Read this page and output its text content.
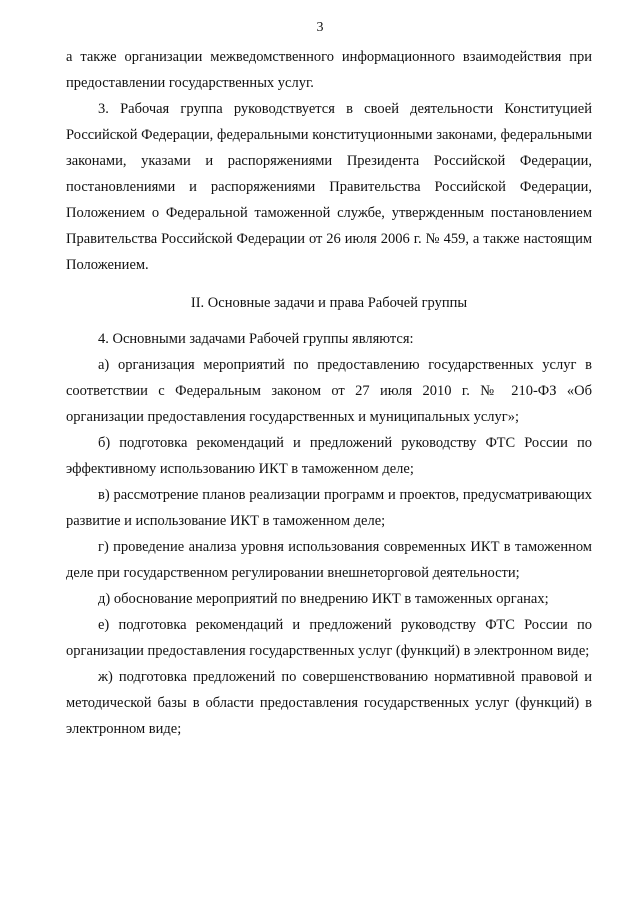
3

а также организации межведомственного информационного взаимодействия при предоставлении государственных услуг.

3. Рабочая группа руководствуется в своей деятельности Конституцией Российской Федерации, федеральными конституционными законами, федеральными законами, указами и распоряжениями Президента Российской Федерации, постановлениями и распоряжениями Правительства Российской Федерации, Положением о Федеральной таможенной службе, утвержденным постановлением Правительства Российской Федерации от 26 июля 2006 г. № 459, а также настоящим Положением.

II. Основные задачи и права Рабочей группы

4. Основными задачами Рабочей группы являются:

а) организация мероприятий по предоставлению государственных услуг в соответствии с Федеральным законом от 27 июля 2010 г. № 210-ФЗ «Об организации предоставления государственных и муниципальных услуг»;

б) подготовка рекомендаций и предложений руководству ФТС России по эффективному использованию ИКТ в таможенном деле;

в) рассмотрение планов реализации программ и проектов, предусматривающих развитие и использование ИКТ в таможенном деле;

г) проведение анализа уровня использования современных ИКТ в таможенном деле при государственном регулировании внешнеторговой деятельности;

д) обоснование мероприятий по внедрению ИКТ в таможенных органах;

е) подготовка рекомендаций и предложений руководству ФТС России по организации предоставления государственных услуг (функций) в электронном виде;

ж) подготовка предложений по совершенствованию нормативной правовой и методической базы в области предоставления государственных услуг (функций) в электронном виде;
